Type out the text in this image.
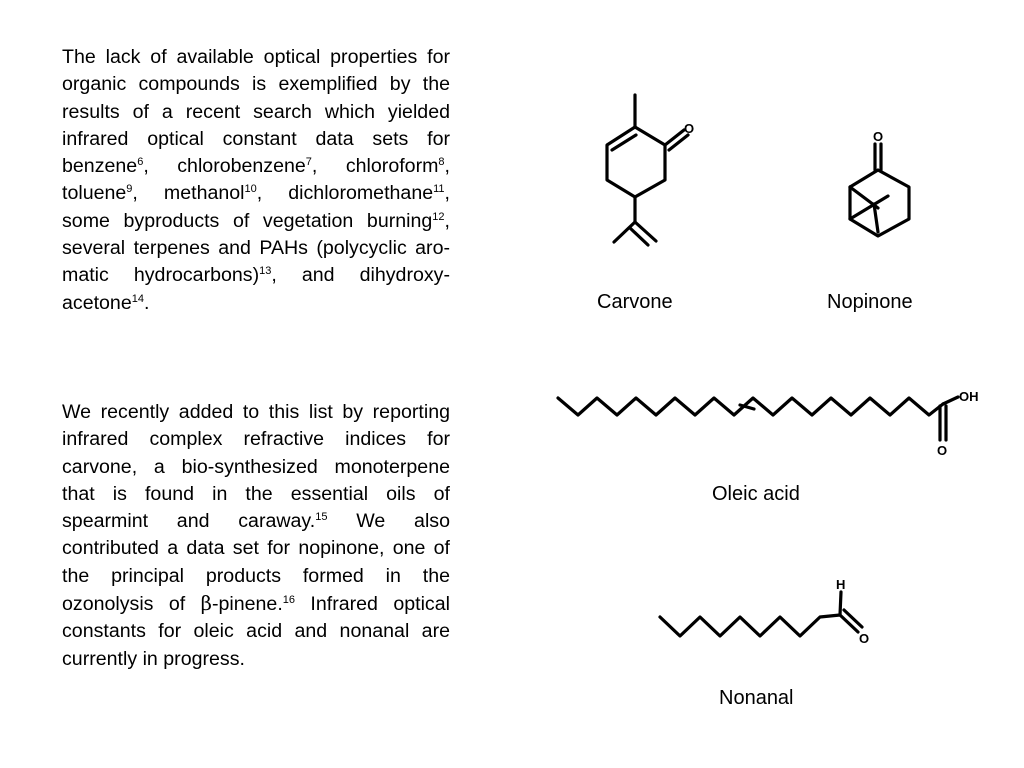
The lack of available optical properties for organic compounds is exemplified by the results of a recent search which yielded infrared optical constant data sets for benzene$^6$, chlorobenzene$^7$, chloroform$^8$, toluene$^9$, methanol$^{10}$, dichloromethane$^{11}$, some byproducts of vegetation burning$^{12}$, several terpenes and PAHs (polycyclic aro-matic hydrocarbons)$^{13}$, and dihydroxy-acetone$^{14}$.

We recently added to this list by reporting infrared complex refractive indices for carvone, a bio-synthesized monoterpene that is found in the essential oils of spearmint and caraway.$^{15}$ We also contributed a data set for nopinone, one of the principal products formed in the ozonolysis of β-pinene.$^{16}$ Infrared optical constants for oleic acid and nonanal are currently in progress.

O
O
OH
O
H
O
Carvone	Nopinone
Oleic acid
Nonanal
